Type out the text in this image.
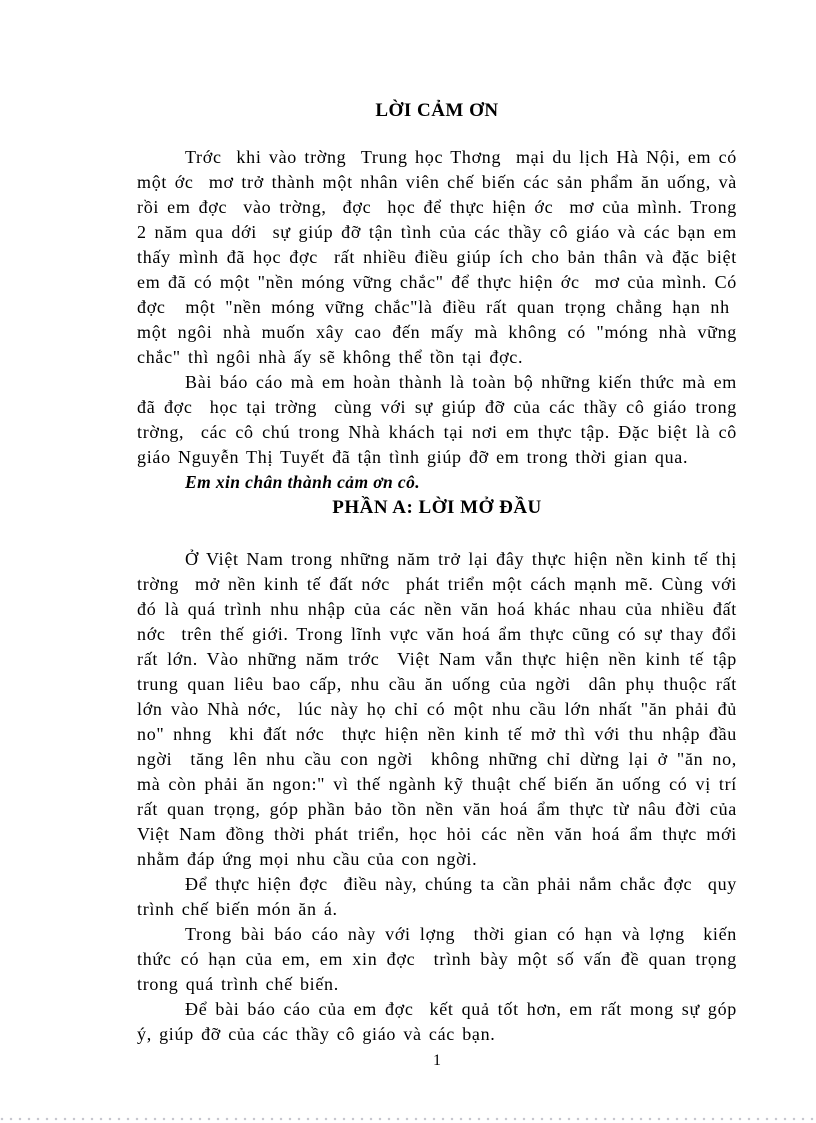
LỜI CẢM ƠN

Trớc  khi vào trờng  Trung học Thơng  mại du lịch Hà Nội, em có một ớc  mơ trở thành một nhân viên chế biến các sản phẩm ăn uống, và rồi em đợc  vào trờng,  đợc  học để thực hiện ớc  mơ của mình. Trong 2 năm qua dới  sự giúp đỡ tận tình của các thầy cô giáo và các bạn em thấy mình đã học đợc  rất nhiều điều giúp ích cho bản thân và đặc biệt em đã có một "nền móng vững chắc" để thực hiện ớc  mơ của mình. Có đợc  một "nền móng vững chắc"là điều rất quan trọng chẳng hạn nh  một ngôi nhà muốn xây cao đến mấy mà không có "móng nhà vững chắc" thì ngôi nhà ấy sẽ không thể tồn tại đợc.

Bài báo cáo mà em hoàn thành là toàn bộ những kiến thức mà em đã đợc  học tại trờng  cùng với sự giúp đỡ của các thầy cô giáo trong trờng,  các cô chú trong Nhà khách tại nơi em thực tập. Đặc biệt là cô giáo Nguyễn Thị Tuyết đã tận tình giúp đỡ em trong thời gian qua.

Em xin chân thành cảm ơn cô.

PHẦN A: LỜI MỞ ĐẦU

Ở Việt Nam trong những năm trở lại đây thực hiện nền kinh tế thị trờng  mở nền kinh tế đất nớc  phát triển một cách mạnh mẽ. Cùng với đó là quá trình nhu nhập của các nền văn hoá khác nhau của nhiều đất nớc  trên thế giới. Trong lĩnh vực văn hoá ẩm thực cũng có sự thay đổi rất lớn. Vào những năm trớc  Việt Nam vẫn thực hiện nền kinh tế tập trung quan liêu bao cấp, nhu cầu ăn uống của ngời  dân phụ thuộc rất lớn vào Nhà nớc,  lúc này họ chỉ có một nhu cầu lớn nhất "ăn phải đủ no" nhng  khi đất nớc  thực hiện nền kinh tế mở thì với thu nhập đầu ngời  tăng lên nhu cầu con ngời  không những chỉ dừng lại ở "ăn no, mà còn phải ăn ngon:" vì thế ngành kỹ thuật chế biến ăn uống có vị trí rất quan trọng, góp phần bảo tồn nền văn hoá ẩm thực từ nâu đời của Việt Nam đồng thời phát triển, học hỏi các nền văn hoá ẩm thực mới nhằm đáp ứng mọi nhu cầu của con ngời.

Để thực hiện đợc  điều này, chúng ta cần phải nắm chắc đợc  quy trình chế biến món ăn á.

Trong bài báo cáo này với lợng  thời gian có hạn và lợng  kiến thức có hạn của em, em xin đợc  trình bày một số vấn đề quan trọng trong quá trình chế biến.

Để bài báo cáo của em đợc  kết quả tốt hơn, em rất mong sự góp ý, giúp đỡ của các thầy cô giáo và các bạn.

1
